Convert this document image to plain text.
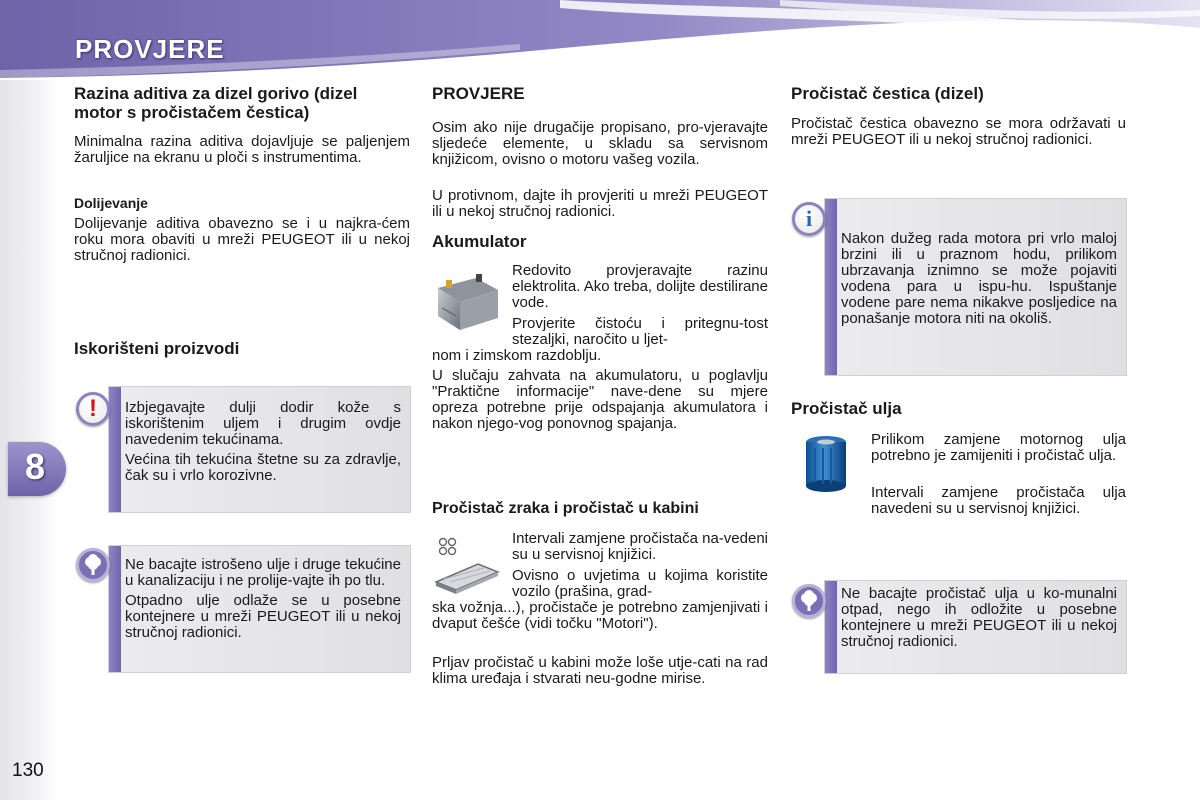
PROVJERE
8
130
Razina aditiva za dizel gorivo (dizel motor s pročistačem čestica)

Minimalna razina aditiva dojavljuje se paljenjem žaruljice na ekranu u ploči s instrumentima.

Dolijevanje

Dolijevanje aditiva obavezno se i u najkra-ćem roku mora obaviti u mreži PEUGEOT ili u nekoj stručnoj radionici.

Iskorišteni proizvodi

Izbjegavajte dulji dodir kože s iskorištenim uljem i drugim ovdje navedenim tekućinama.

Većina tih tekućina štetne su za zdravlje, čak su i vrlo korozivne.

!

Ne bacajte istrošeno ulje i druge tekućine u kanalizaciju i ne prolije-vajte ih po tlu.

Otpadno ulje odlaže se u posebne kontejnere u mreži PEUGEOT ili u nekoj stručnoj radionici.

PROVJERE

Osim ako nije drugačije propisano, pro-vjeravajte sljedeće elemente, u skladu sa servisnom knjižicom, ovisno o motoru vašeg vozila.

U protivnom, dajte ih provjeriti u mreži PEUGEOT ili u nekoj stručnoj radionici.

Akumulator

Redovito provjeravajte razinu elektrolita. Ako treba, dolijte destilirane vode.

Provjerite čistoću i pritegnu-tost stezaljki, naročito u ljet-

nom i zimskom razdoblju.

U slučaju zahvata na akumulatoru, u poglavlju "Praktične informacije" nave-dene su mjere opreza potrebne prije odspajanja akumulatora i nakon njego-vog ponovnog spajanja.

Pročistač zraka i pročistač u kabini

Intervali zamjene pročistača na-vedeni su u servisnoj knjižici.

Ovisno o uvjetima u kojima koristite vozilo (prašina, grad-

ska vožnja...), pročistače je potrebno zamjenjivati i dvaput češće (vidi točku "Motori").

Prljav pročistač u kabini može loše utje-cati na rad klima uređaja i stvarati neu-godne mirise.

Pročistač čestica (dizel)

Pročistač čestica obavezno se mora održavati u mreži PEUGEOT ili u nekoj stručnoj radionici.

Pročistač ulja

Prilikom zamjene motornog ulja potrebno je zamijeniti i pročistač ulja.

Intervali zamjene pročistača ulja navedeni su u servisnoj knjižici.

Nakon dužeg rada motora pri vrlo maloj brzini ili u praznom hodu, prilikom ubrzavanja iznimno se može pojaviti vodena para u ispu-hu. Ispuštanje vodene pare nema nikakve posljedice na ponašanje motora niti na okoliš.

i

Ne bacajte pročistač ulja u ko-munalni otpad, nego ih odložite u posebne kontejnere u mreži PEUGEOT ili u nekoj stručnoj radionici.
